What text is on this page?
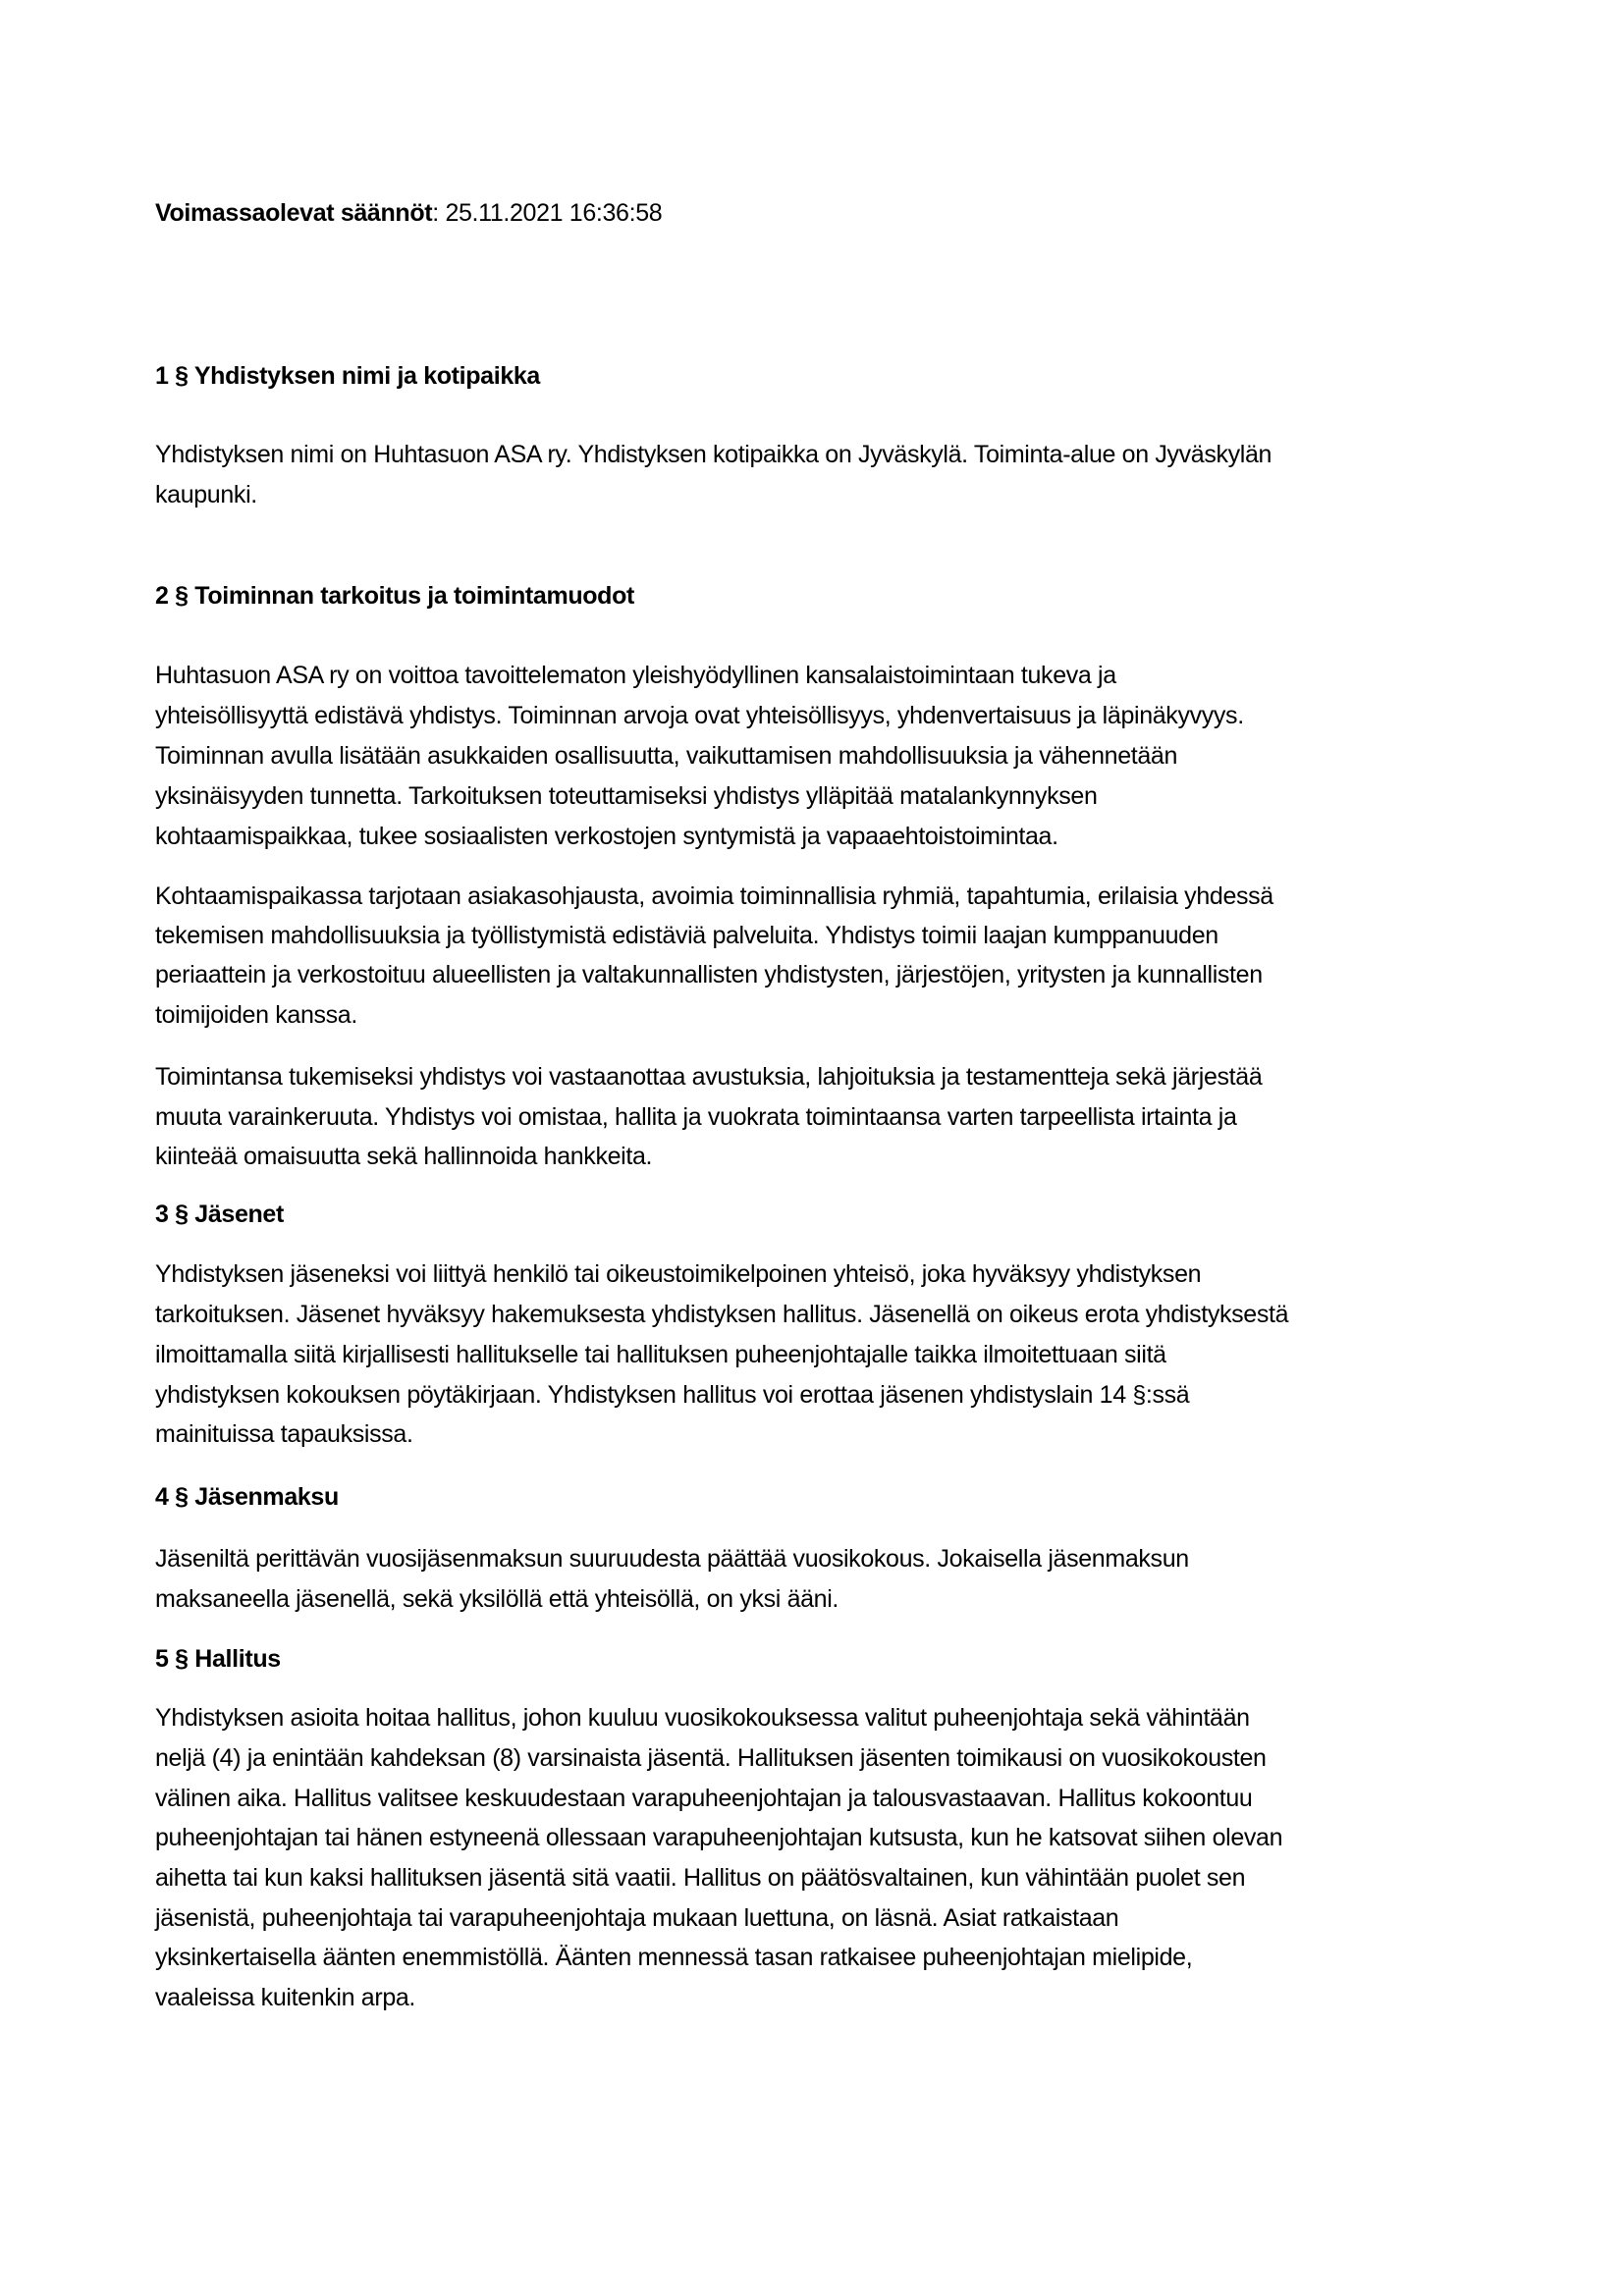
Voimassaolevat säännöt: 25.11.2021 16:36:58
1 § Yhdistyksen nimi ja kotipaikka
Yhdistyksen nimi on Huhtasuon ASA ry. Yhdistyksen kotipaikka on Jyväskylä. Toiminta-alue on Jyväskylän
kaupunki.
2 § Toiminnan tarkoitus ja toimintamuodot
Huhtasuon ASA ry on voittoa tavoittelematon yleishyödyllinen kansalaistoimintaan tukeva ja
yhteisöllisyyttä edistävä yhdistys. Toiminnan arvoja ovat yhteisöllisyys, yhdenvertaisuus ja läpinäkyvyys.
Toiminnan avulla lisätään asukkaiden osallisuutta, vaikuttamisen mahdollisuuksia ja vähennetään
yksinäisyyden tunnetta. Tarkoituksen toteuttamiseksi yhdistys ylläpitää matalankynnyksen
kohtaamispaikkaa, tukee sosiaalisten verkostojen syntymistä ja vapaaehtoistoimintaa.
Kohtaamispaikassa tarjotaan asiakasohjausta, avoimia toiminnallisia ryhmiä, tapahtumia, erilaisia yhdessä
tekemisen mahdollisuuksia ja työllistymistä edistäviä palveluita. Yhdistys toimii laajan kumppanuuden
periaattein ja verkostoituu alueellisten ja valtakunnallisten yhdistysten, järjestöjen, yritysten ja kunnallisten
toimijoiden kanssa.
Toimintansa tukemiseksi yhdistys voi vastaanottaa avustuksia, lahjoituksia ja testamentteja sekä järjestää
muuta varainkeruuta. Yhdistys voi omistaa, hallita ja vuokrata toimintaansa varten tarpeellista irtainta ja
kiinteää omaisuutta sekä hallinnoida hankkeita.
3 § Jäsenet
Yhdistyksen jäseneksi voi liittyä henkilö tai oikeustoimikelpoinen yhteisö, joka hyväksyy yhdistyksen
tarkoituksen. Jäsenet hyväksyy hakemuksesta yhdistyksen hallitus. Jäsenellä on oikeus erota yhdistyksestä
ilmoittamalla siitä kirjallisesti hallitukselle tai hallituksen puheenjohtajalle taikka ilmoitettuaan siitä
yhdistyksen kokouksen pöytäkirjaan. Yhdistyksen hallitus voi erottaa jäsenen yhdistyslain 14 §:ssä
mainituissa tapauksissa.
4 § Jäsenmaksu
Jäseniltä perittävän vuosijäsenmaksun suuruudesta päättää vuosikokous. Jokaisella jäsenmaksun
maksaneella jäsenellä, sekä yksilöllä että yhteisöllä, on yksi ääni.
5 § Hallitus
Yhdistyksen asioita hoitaa hallitus, johon kuuluu vuosikokouksessa valitut puheenjohtaja sekä vähintään
neljä (4) ja enintään kahdeksan (8) varsinaista jäsentä. Hallituksen jäsenten toimikausi on vuosikokousten
välinen aika. Hallitus valitsee keskuudestaan varapuheenjohtajan ja talousvastaavan. Hallitus kokoontuu
puheenjohtajan tai hänen estyneenä ollessaan varapuheenjohtajan kutsusta, kun he katsovat siihen olevan
aihetta tai kun kaksi hallituksen jäsentä sitä vaatii. Hallitus on päätösvaltainen, kun vähintään puolet sen
jäsenistä, puheenjohtaja tai varapuheenjohtaja mukaan luettuna, on läsnä. Asiat ratkaistaan
yksinkertaisella äänten enemmistöllä. Äänten mennessä tasan ratkaisee puheenjohtajan mielipide,
vaaleissa kuitenkin arpa.
